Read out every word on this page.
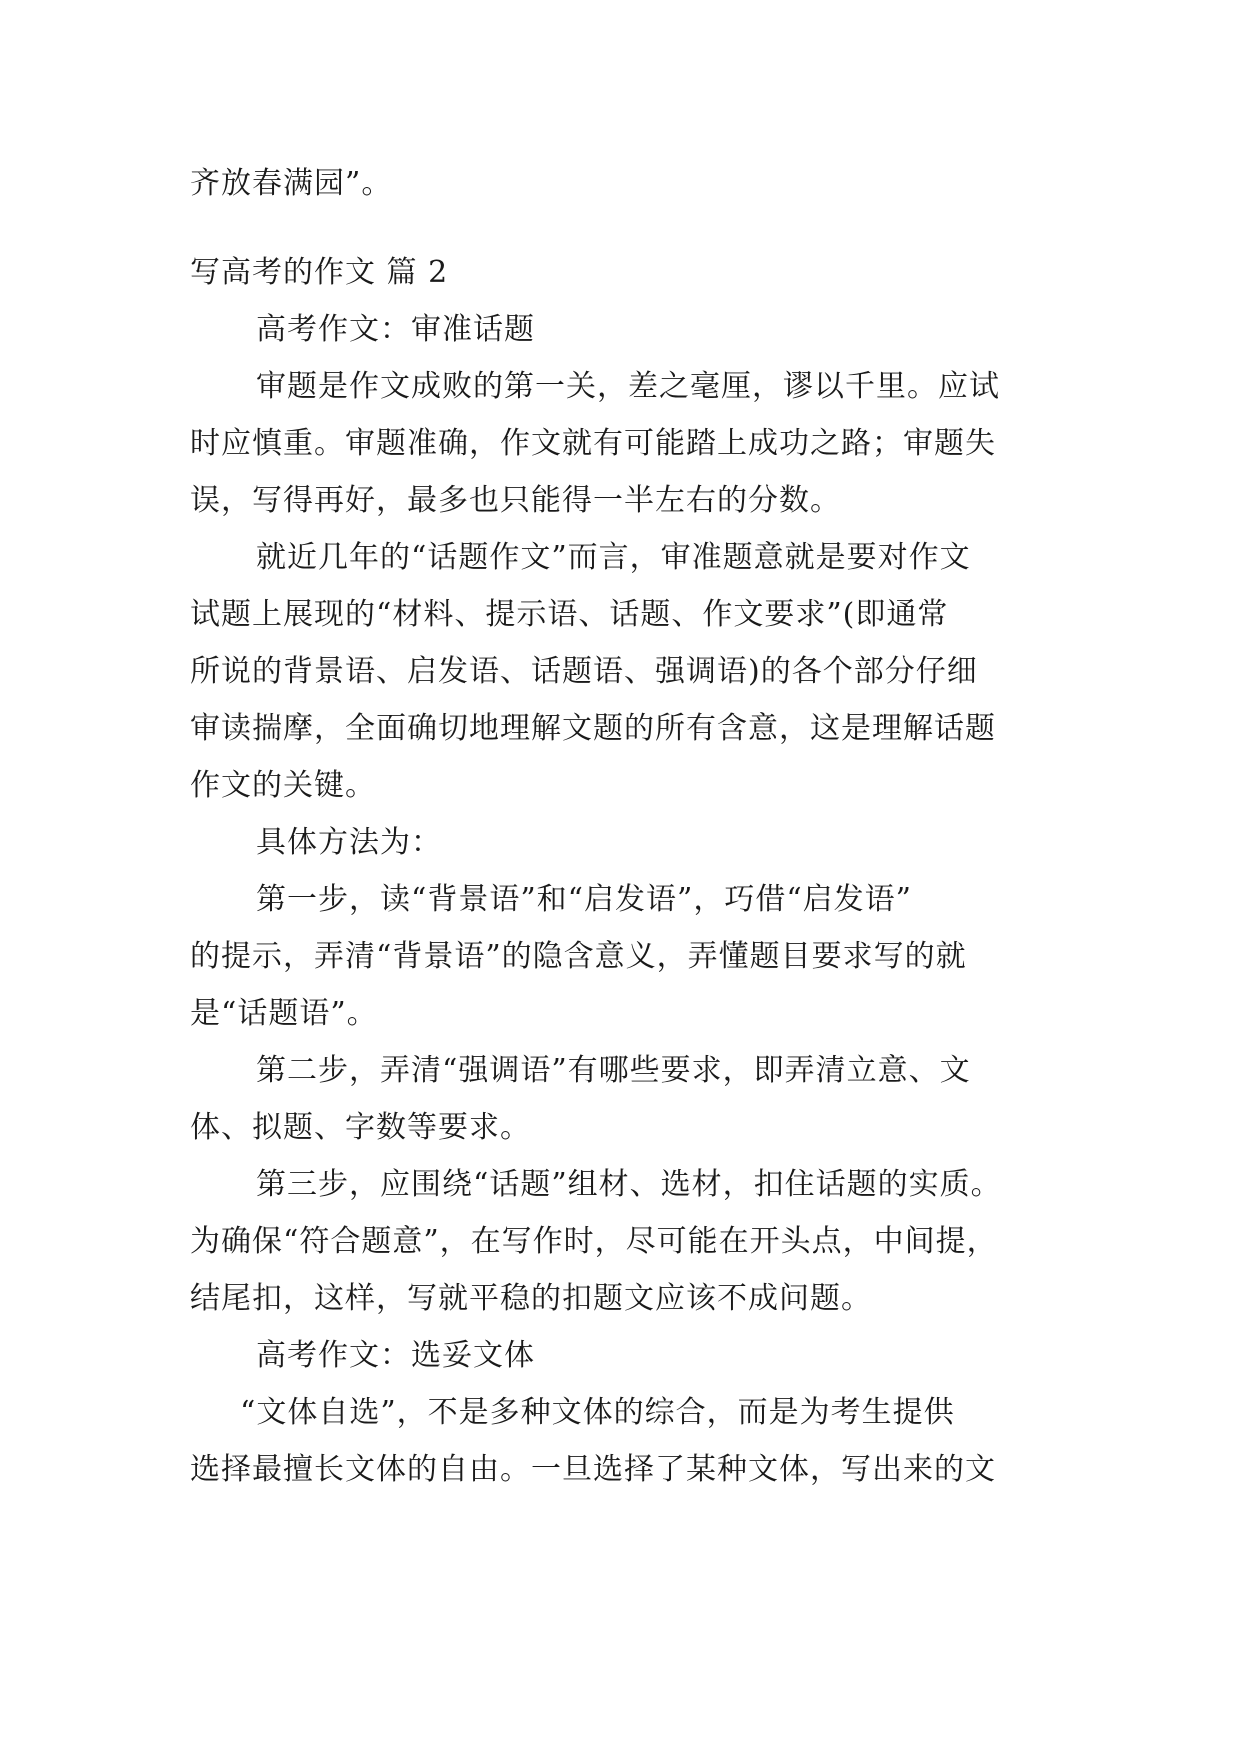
齐放春满园”。
写高考的作文 篇 2
高考作文：审准话题
审题是作文成败的第一关，差之毫厘，谬以千里。应试
时应慎重。审题准确，作文就有可能踏上成功之路；审题失
误，写得再好，最多也只能得一半左右的分数。
就近几年的“话题作文”而言，审准题意就是要对作文
试题上展现的“材料、提示语、话题、作文要求”(即通常
所说的背景语、启发语、话题语、强调语)的各个部分仔细
审读揣摩，全面确切地理解文题的所有含意，这是理解话题
作文的关键。
具体方法为：
第一步，读“背景语”和“启发语”，巧借“启发语”
的提示，弄清“背景语”的隐含意义，弄懂题目要求写的就
是“话题语”。
第二步，弄清“强调语”有哪些要求，即弄清立意、文
体、拟题、字数等要求。
第三步，应围绕“话题”组材、选材，扣住话题的实质。
为确保“符合题意”，在写作时，尽可能在开头点，中间提，
结尾扣，这样，写就平稳的扣题文应该不成问题。
高考作文：选妥文体
“文体自选”，不是多种文体的综合，而是为考生提供
选择最擅长文体的自由。一旦选择了某种文体，写出来的文
